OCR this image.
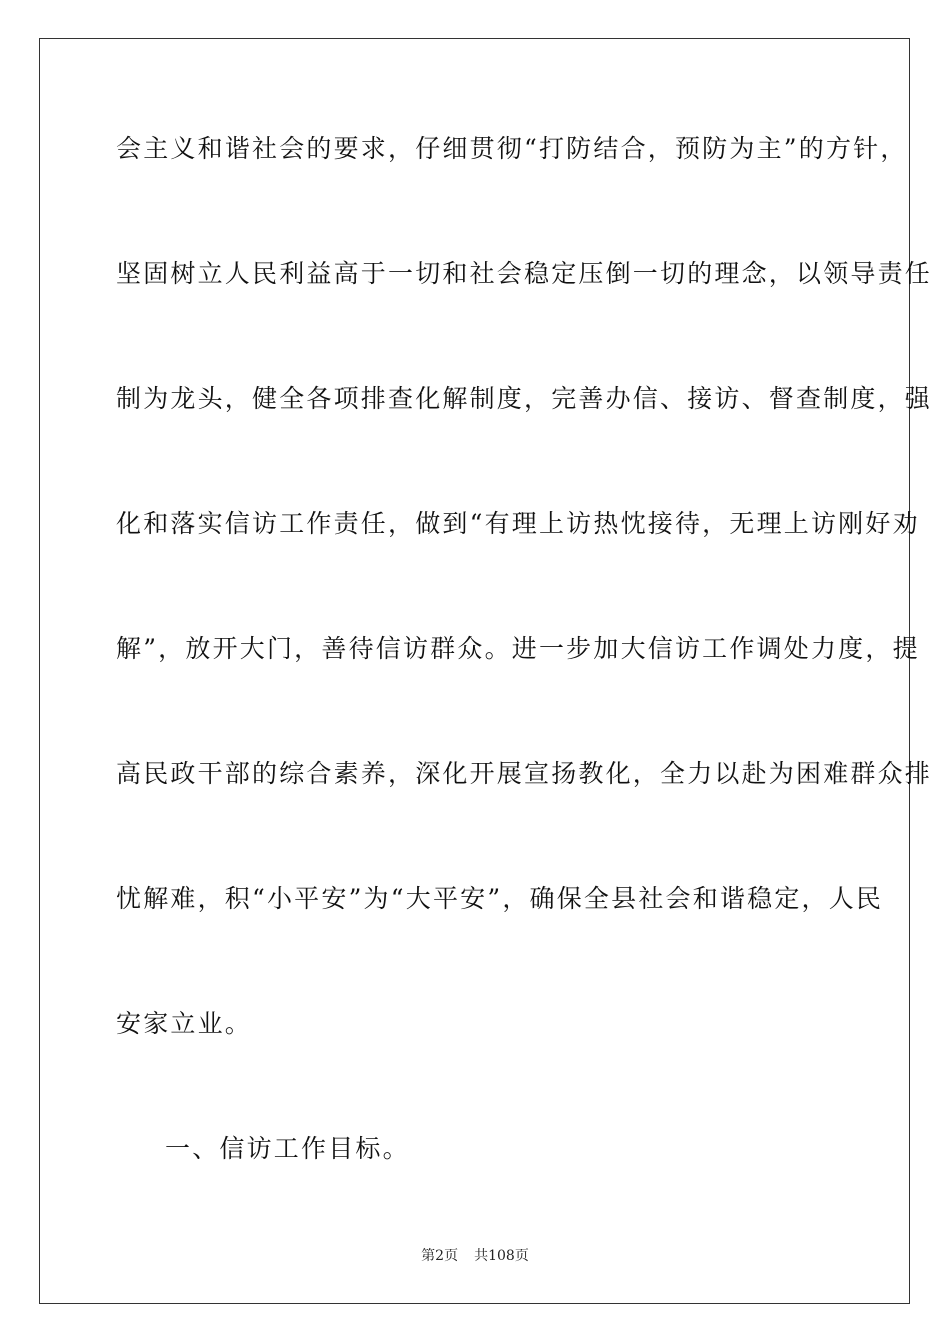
会主义和谐社会的要求，仔细贯彻“打防结合，预防为主”的方针，
坚固树立人民利益高于一切和社会稳定压倒一切的理念，以领导责任
制为龙头，健全各项排查化解制度，完善办信、接访、督查制度，强
化和落实信访工作责任，做到“有理上访热忱接待，无理上访刚好劝
解”，放开大门，善待信访群众。进一步加大信访工作调处力度，提
高民政干部的综合素养，深化开展宣扬教化，全力以赴为困难群众排
忧解难，积“小平安”为“大平安”，确保全县社会和谐稳定，人民
安家立业。
一、信访工作目标。
第2页 共108页
